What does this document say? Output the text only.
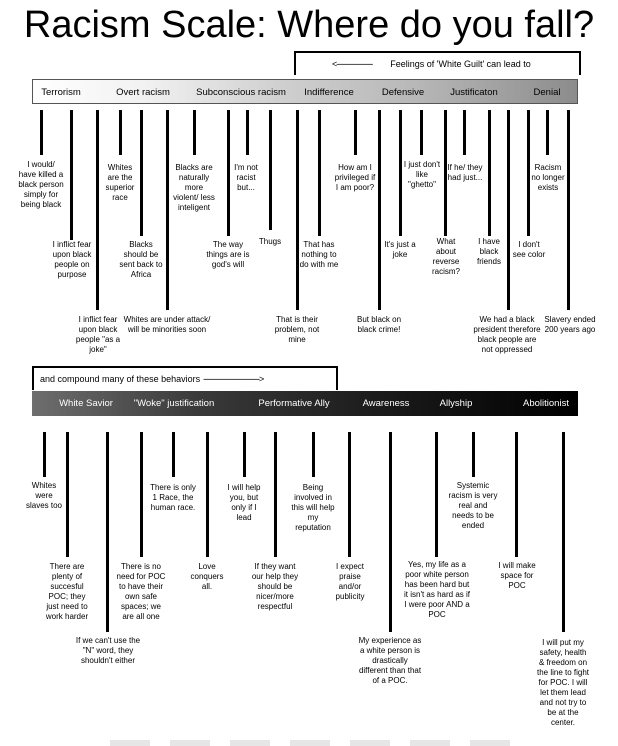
Racism Scale: Where do you fall?
<------------------ Feelings of 'White Guilt' can lead to
Terrorism	Overt racism	Subconscious racism Indifference	Defensive	Justificaton	Denial
I would/ have killed a black person simply for being black
I inflict fear upon black people on purpose
I inflict fear upon black people "as a joke"
Whites are the superior race
Blacks should be sent back to Africa
Whites are under attack/ will be minorities soon
Blacks are naturally more violent/ less inteligent
I'm not racist but...
The way things are is god's will
Thugs
That is their problem, not mine
That has nothing to do with me
How am I privileged if I am poor?
But black on black crime!
It's just a joke
I just don't like "ghetto"
What about reverse racism?
If he/ they had just...
I have black friends
We had a black president therefore black people are not oppressed
I don't see color
Racism no longer exists
Slavery ended 200 years ago
and compound many of these behaviors ---------------------------->
White Savior "Woke" justification	Performative Ally	Awareness	Allyship	Abolitionist
Whites were slaves too
There are plenty of succesful POC; they just need to work harder
If we can't use the "N" word, they shouldn't either
There is no need for POC to have their own safe spaces; we are all one
There is only 1 Race, the human race.
Love conquers all.
I will help you, but only if I lead
If they want our help they should be nicer/more respectful
Being involved in this will help my reputation
I expect praise and/or publicity
My experience as a white person is drastically different than that of a POC.
Yes, my life as a poor white person has been hard but it isn't as hard as if I were poor AND a POC
Systemic racism is very real and needs to be ended
I will make space for POC
I will put my safety, health & freedom on the line to fight for POC. I will let them lead and not try to be at the center.
